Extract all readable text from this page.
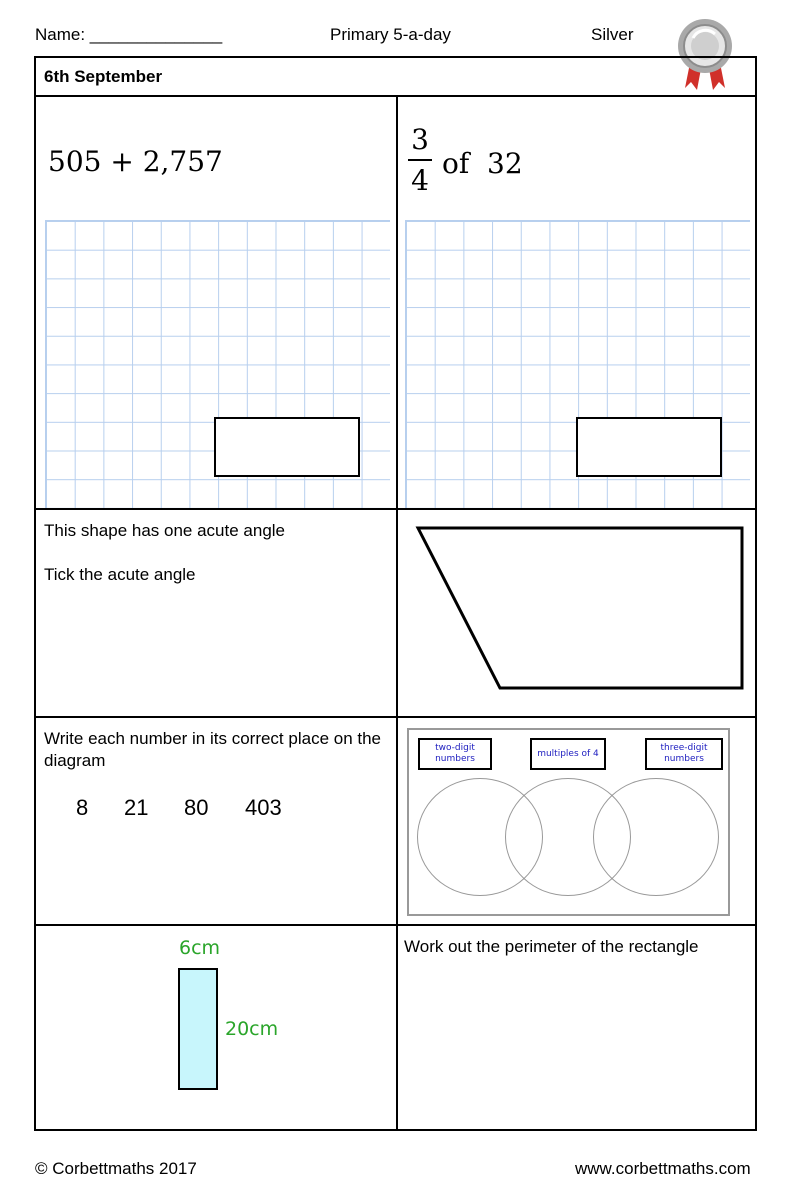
Name: ______________	Primary 5-a-day	Silver
6th September
505 + 2,757
3
4
of  32
This shape has one acute angle
Tick the acute angle
Write each number in its correct place on the diagram
8 21 80 403
two-digit numbers
multiples of 4
three-digit numbers
6cm
20cm
Work out the perimeter of the rectangle
© Corbettmaths 2017	www.corbettmaths.com
